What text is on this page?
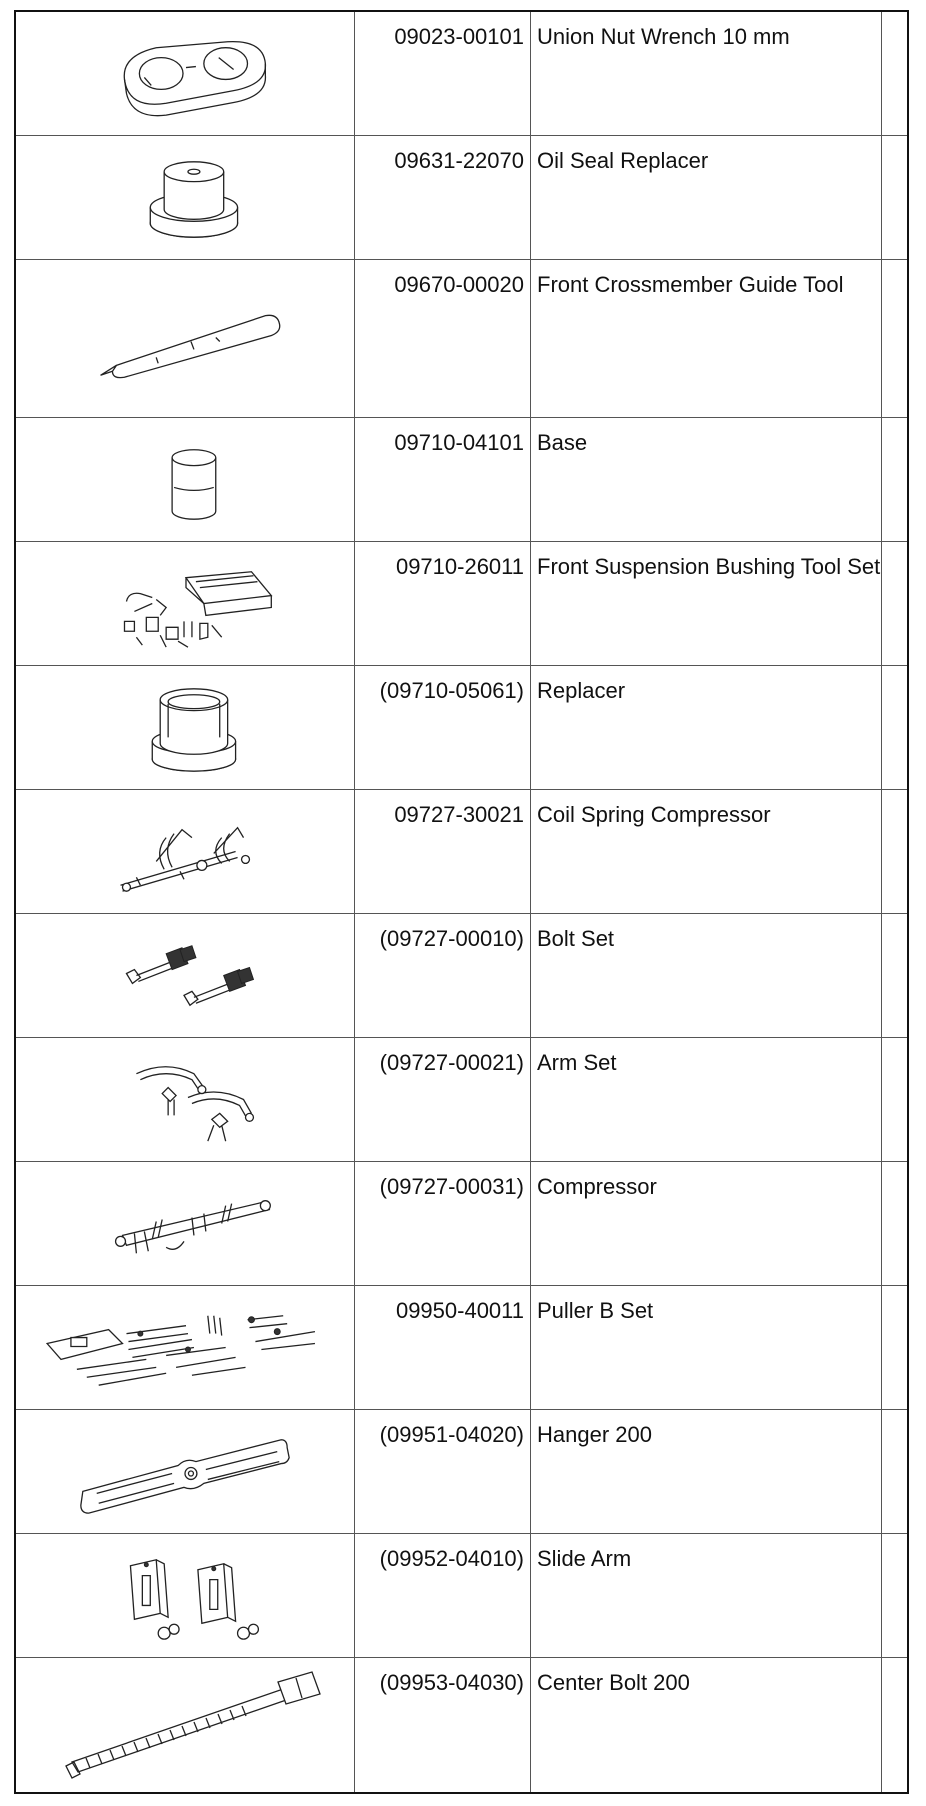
09023-00101 Union Nut Wrench 10 mm
09631-22070 Oil Seal Replacer
09670-00020 Front Crossmember Guide Tool
09710-04101 Base
09710-26011 Front Suspension Bushing Tool Set
(09710-05061) Replacer
09727-30021 Coil Spring Compressor
(09727-00010) Bolt Set
(09727-00021) Arm Set
(09727-00031) Compressor
09950-40011 Puller B Set
(09951-04020) Hanger 200
(09952-04010) Slide Arm
(09953-04030) Center Bolt 200
